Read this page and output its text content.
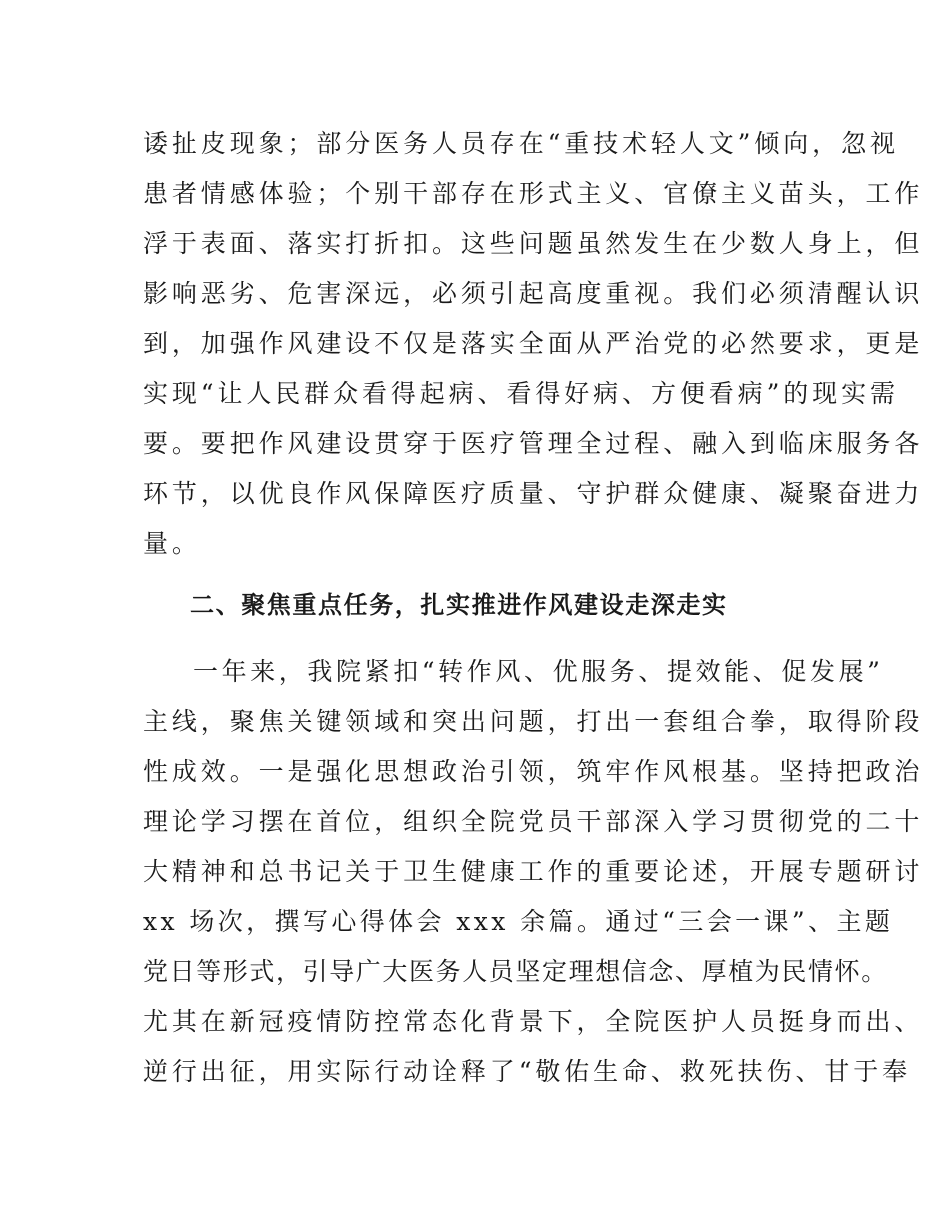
诿扯皮现象；部分医务人员存在“重技术轻人文”倾向，忽视
患者情感体验；个别干部存在形式主义、官僚主义苗头，工作
浮于表面、落实打折扣。这些问题虽然发生在少数人身上，但
影响恶劣、危害深远，必须引起高度重视。我们必须清醒认识
到，加强作风建设不仅是落实全面从严治党的必然要求，更是
实现“让人民群众看得起病、看得好病、方便看病”的现实需
要。要把作风建设贯穿于医疗管理全过程、融入到临床服务各
环节，以优良作风保障医疗质量、守护群众健康、凝聚奋进力
量。
二、聚焦重点任务，扎实推进作风建设走深走实
一年来，我院紧扣“转作风、优服务、提效能、促发展”
主线，聚焦关键领域和突出问题，打出一套组合拳，取得阶段
性成效。一是强化思想政治引领，筑牢作风根基。坚持把政治
理论学习摆在首位，组织全院党员干部深入学习贯彻党的二十
大精神和总书记关于卫生健康工作的重要论述，开展专题研讨
xx 场次，撰写心得体会 xxx 余篇。通过“三会一课”、主题
党日等形式，引导广大医务人员坚定理想信念、厚植为民情怀。
尤其在新冠疫情防控常态化背景下，全院医护人员挺身而出、
逆行出征，用实际行动诠释了“敬佑生命、救死扶伤、甘于奉
